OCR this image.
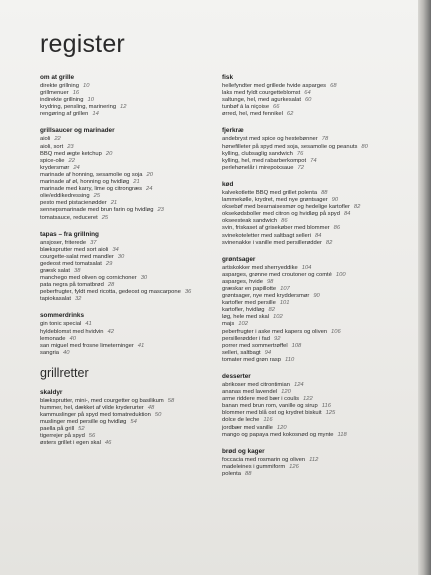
register
om at grille
direkte grillning 10
grillmenuer 16
indirekte grillning 10
krydring, pensling, marinering 12
rengøring af grillen 14
grillsaucer og marinader
aioli 22
aioli, sort 23
BBQ med ægte ketchup 20
spice-olie 22
krydersmør 24
marinade af honning, sesamolie og soja 20
marinade af øl, honning og hvidløg 21
marinade med karry, lime og citrongræs 24
olie/eddikedressing 25
pesto med pistacienødder 21
sennepsmarinade med brun farin og hvidløg 23
tomatsauce, reduceret 25
tapas – fra grillning
ansjoser, friterede 37
blæksprutter med sort aioli 34
courgette-salat med mandler 30
gedeost med tomatsalat 29
græsk salat 38
manchego med oliven og cornichoner 30
pata negra på tomatbrød 28
peberfrugter, fyldt med ricotta, gedeost og mascarpone 36
tapiokasalat 32
sommerdrinks
gin tonic special 41
hyldeblomst med hvidvin 42
lemonade 40
san miguel med frosne limeterninger 41
sangria 40
grillretter
skaldyr
blæksprutter, mini-, med courgetter og basilikum 58
hummer, hel, dækket af vilde kryderurter 48
kammuslinger på spyd med tomatreduktion 50
muslinger med persille og hvidløg 54
paella på grill 52
tigerrejer på spyd 56
østers grillet i egen skal 46
fisk
hellefyndter med grillede hvide asparges 68
laks med fyldt courgetteblomst 64
saltunge, hel, med agurkesalat 60
tunbøf á la niçoise 66
ørred, hel, med fennikel 62
fjerkræ
andebryst med spice og hestebønner 78
hønefilleter på spyd med soja, sesamolie og peanuts 80
kylling, clubsaglig sandwich 76
kylling, hel, med rabarberkompot 74
perlehønelår i mirepoixsaue 72
kød
kalvekotlette BBQ med grillet polenta 88
lammekølle, krydret, med nye grøntsager 90
oksebøf med bearnaisesmør og hedelige kartofler 82
oksekødsboller med citron og hvidløg på spyd 84
okseesteak sandwich 86
svin, friskaset af grisekøber med blommer 86
svinekoteletter med saltbagt selleri 84
svinenakke i vanille med persillerødder 82
grøntsager
artiskokker med sherryeddike 104
asparges, grønne med croutoner og comté 100
asparges, hvide 98
græskar en papillotte 107
grøntsager, nye med kryddersmør 90
kartofler med persille 101
kartofler, hvidløg 82
løg, hele med skal 102
majs 102
peberfrugter i aske med kapers og oliven 106
persillerødder i fad 92
porrer med sommertrøffel 108
selleri, saltbagt 94
tomater med grøn rasp 110
desserter
abrikoser med citrontimian 124
ananas med lavendel 120
arme riddere med bær i coulis 122
banan med brun rom, vanille og sirup 116
blommer med blå ost og krydret biskuit 125
dolce de leche 116
jordbær med vanille 120
mango og papaya med kokosnød og mynte 118
brød og kager
foccacia med rosmarin og oliven 112
madeleines i gummiform 126
polenta 88
